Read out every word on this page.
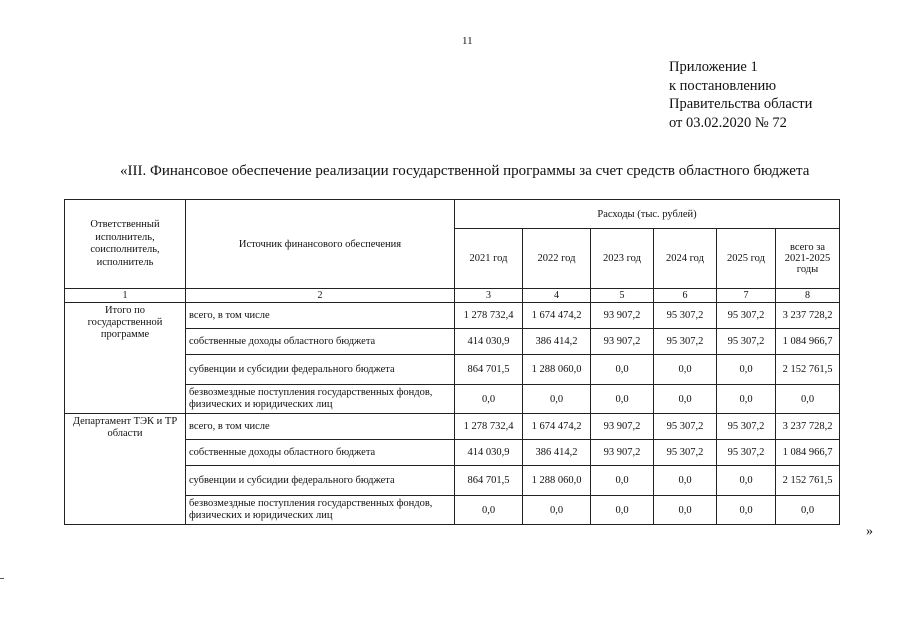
11
Приложение 1
к постановлению
Правительства области
от 03.02.2020 № 72
«III. Финансовое обеспечение реализации государственной программы за счет средств областного бюджета
Ответственный исполнитель, соисполнитель, исполнитель	Источник финансового обеспечения	Расходы (тыс. рублей)					
		2021 год	2022 год	2023 год	2024 год	2025 год	всего за 2021-2025 годы
1	2	3	4	5	6	7	8
Итого по государственной программе	всего, в том числе	1 278 732,4	1 674 474,2	93 907,2	95 307,2	95 307,2	3 237 728,2
	собственные доходы областного бюджета	414 030,9	386 414,2	93 907,2	95 307,2	95 307,2	1 084 966,7
	субвенции и субсидии федерального бюджета	864 701,5	1 288 060,0	0,0	0,0	0,0	2 152 761,5
	безвозмездные поступления государственных фондов, физических и юридических лиц	0,0	0,0	0,0	0,0	0,0	0,0
Департамент ТЭК и ТР области	всего, в том числе	1 278 732,4	1 674 474,2	93 907,2	95 307,2	95 307,2	3 237 728,2
	собственные доходы областного бюджета	414 030,9	386 414,2	93 907,2	95 307,2	95 307,2	1 084 966,7
	субвенции и субсидии федерального бюджета	864 701,5	1 288 060,0	0,0	0,0	0,0	2 152 761,5
	безвозмездные поступления государственных фондов, физических и юридических лиц	0,0	0,0	0,0	0,0	0,0	0,0
»
